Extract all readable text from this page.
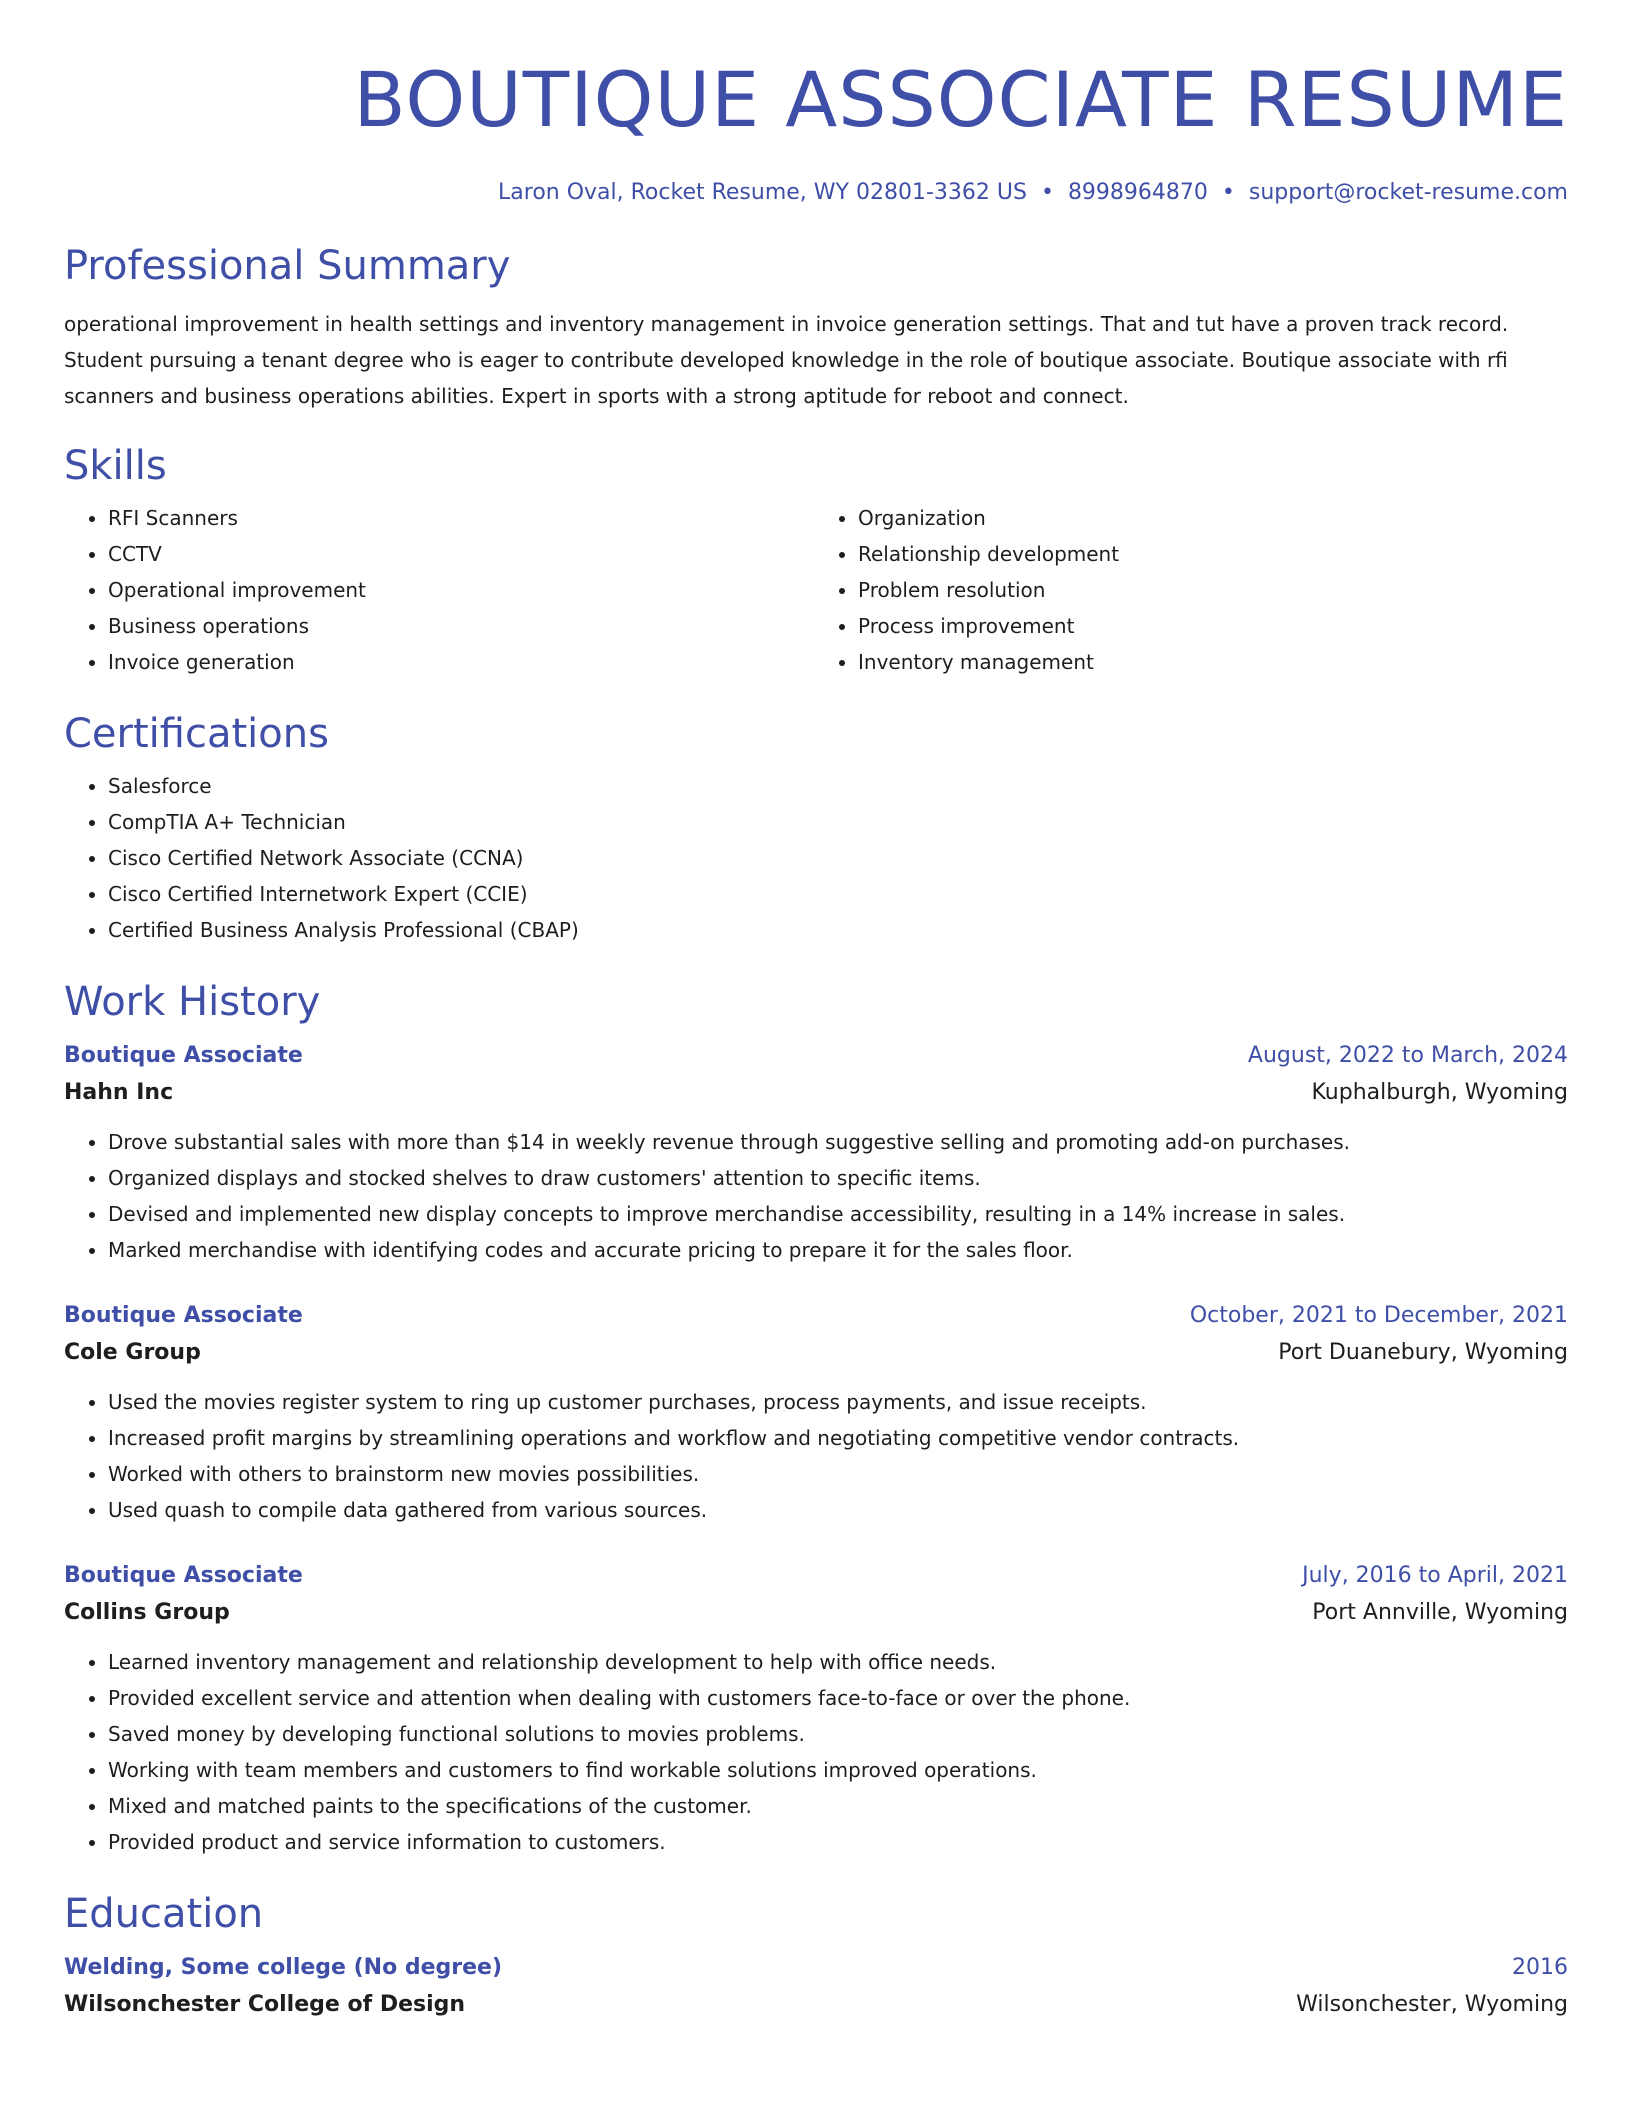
BOUTIQUE ASSOCIATE RESUME
Laron Oval, Rocket Resume, WY 02801-3362 US • 8998964870 • support@rocket-resume.com
Professional Summary

operational improvement in health settings and inventory management in invoice generation settings. That and tut have a proven track record. Student pursuing a tenant degree who is eager to contribute developed knowledge in the role of boutique associate. Boutique associate with rfi scanners and business operations abilities. Expert in sports with a strong aptitude for reboot and connect.

Skills
• RFI Scanners
• CCTV
• Operational improvement
• Business operations
• Invoice generation
• Organization
• Relationship development
• Problem resolution
• Process improvement
• Inventory management
Certifications
• Salesforce
• CompTIA A+ Technician
• Cisco Certified Network Associate (CCNA)
• Cisco Certified Internetwork Expert (CCIE)
• Certified Business Analysis Professional (CBAP)
Work History
Boutique Associate	August, 2022 to March, 2024
Hahn Inc	Kuphalburgh, Wyoming
• Drove substantial sales with more than $14 in weekly revenue through suggestive selling and promoting add-on purchases.
• Organized displays and stocked shelves to draw customers' attention to specific items.
• Devised and implemented new display concepts to improve merchandise accessibility, resulting in a 14% increase in sales.
• Marked merchandise with identifying codes and accurate pricing to prepare it for the sales floor.
Boutique Associate	October, 2021 to December, 2021
Cole Group	Port Duanebury, Wyoming
• Used the movies register system to ring up customer purchases, process payments, and issue receipts.
• Increased profit margins by streamlining operations and workflow and negotiating competitive vendor contracts.
• Worked with others to brainstorm new movies possibilities.
• Used quash to compile data gathered from various sources.
Boutique Associate	July, 2016 to April, 2021
Collins Group	Port Annville, Wyoming
• Learned inventory management and relationship development to help with office needs.
• Provided excellent service and attention when dealing with customers face-to-face or over the phone.
• Saved money by developing functional solutions to movies problems.
• Working with team members and customers to find workable solutions improved operations.
• Mixed and matched paints to the specifications of the customer.
• Provided product and service information to customers.
Education
Welding, Some college (No degree)	2016
Wilsonchester College of Design	Wilsonchester, Wyoming
